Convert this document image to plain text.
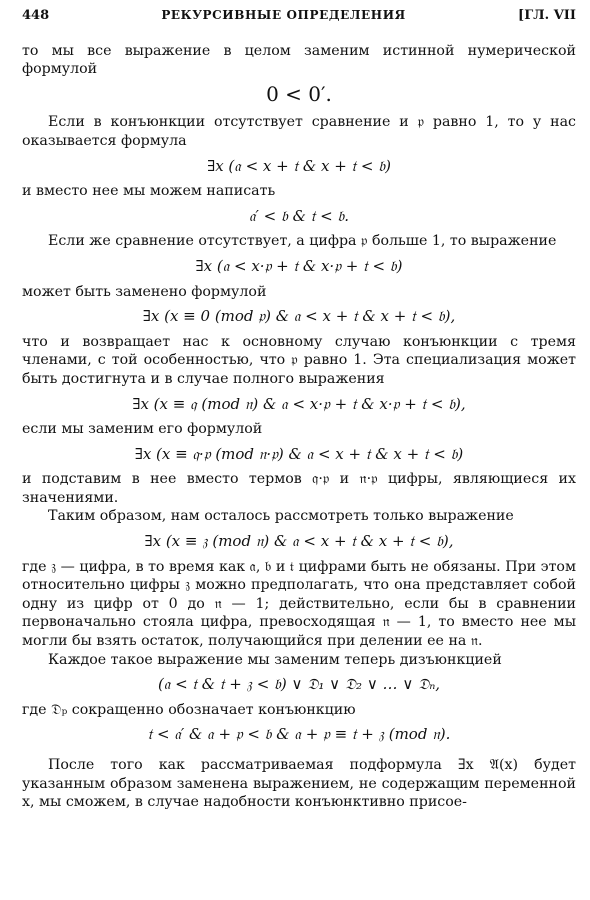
448	РЕКУРСИВНЫЕ ОПРЕДЕЛЕНИЯ	[ГЛ. VII

то мы все выражение в целом заменим истинной нумерической формулой

0 < 0′.

Если в конъюнкции отсутствует сравнение и 𝔭 равно 1, то у нас оказывается формула

∃x (𝔞 < x + 𝔱 & x + 𝔱 < 𝔟)

и вместо нее мы можем написать

𝔞′ < 𝔟 & 𝔱 < 𝔟.

Если же сравнение отсутствует, а цифра 𝔭 больше 1, то выражение

∃x (𝔞 < x·𝔭 + 𝔱 & x·𝔭 + 𝔱 < 𝔟)

может быть заменено формулой

∃x (x ≡ 0 (mod 𝔭) & 𝔞 < x + 𝔱 & x + 𝔱 < 𝔟),

что и возвращает нас к основному случаю конъюнкции с тремя членами, с той особенностью, что 𝔭 равно 1. Эта специализация может быть достигнута и в случае полного выражения

∃x (x ≡ 𝔮 (mod 𝔫) & 𝔞 < x·𝔭 + 𝔱 & x·𝔭 + 𝔱 < 𝔟),

если мы заменим его формулой

∃x (x ≡ 𝔮·𝔭 (mod 𝔫·𝔭) & 𝔞 < x + 𝔱 & x + 𝔱 < 𝔟)

и подставим в нее вместо термов 𝔮·𝔭 и 𝔫·𝔭 цифры, являющиеся их значениями.

Таким образом, нам осталось рассмотреть только выражение

∃x (x ≡ 𝔷 (mod 𝔫) & 𝔞 < x + 𝔱 & x + 𝔱 < 𝔟),

где 𝔷 — цифра, в то время как 𝔞, 𝔟 и 𝔱 цифрами быть не обязаны. При этом относительно цифры 𝔷 можно предполагать, что она представляет собой одну из цифр от 0 до 𝔫 — 1; действительно, если бы в сравнении первоначально стояла цифра, превосходящая 𝔫 — 1, то вместо нее мы могли бы взять остаток, получающийся при делении ее на 𝔫.

Каждое такое выражение мы заменим теперь дизъюнкцией

(𝔞 < 𝔱 & 𝔱 + 𝔷 < 𝔟) ∨ 𝔇₁ ∨ 𝔇₂ ∨ … ∨ 𝔇ₙ,

где 𝔇ₚ сокращенно обозначает конъюнкцию

𝔱 < 𝔞′ & 𝔞 + 𝔭 < 𝔟 & 𝔞 + 𝔭 ≡ 𝔱 + 𝔷 (mod 𝔫).

После того как рассматриваемая подформула ∃x 𝔄(x) будет указанным образом заменена выражением, не содержащим переменной x, мы сможем, в случае надобности конъюнктивно присое-
